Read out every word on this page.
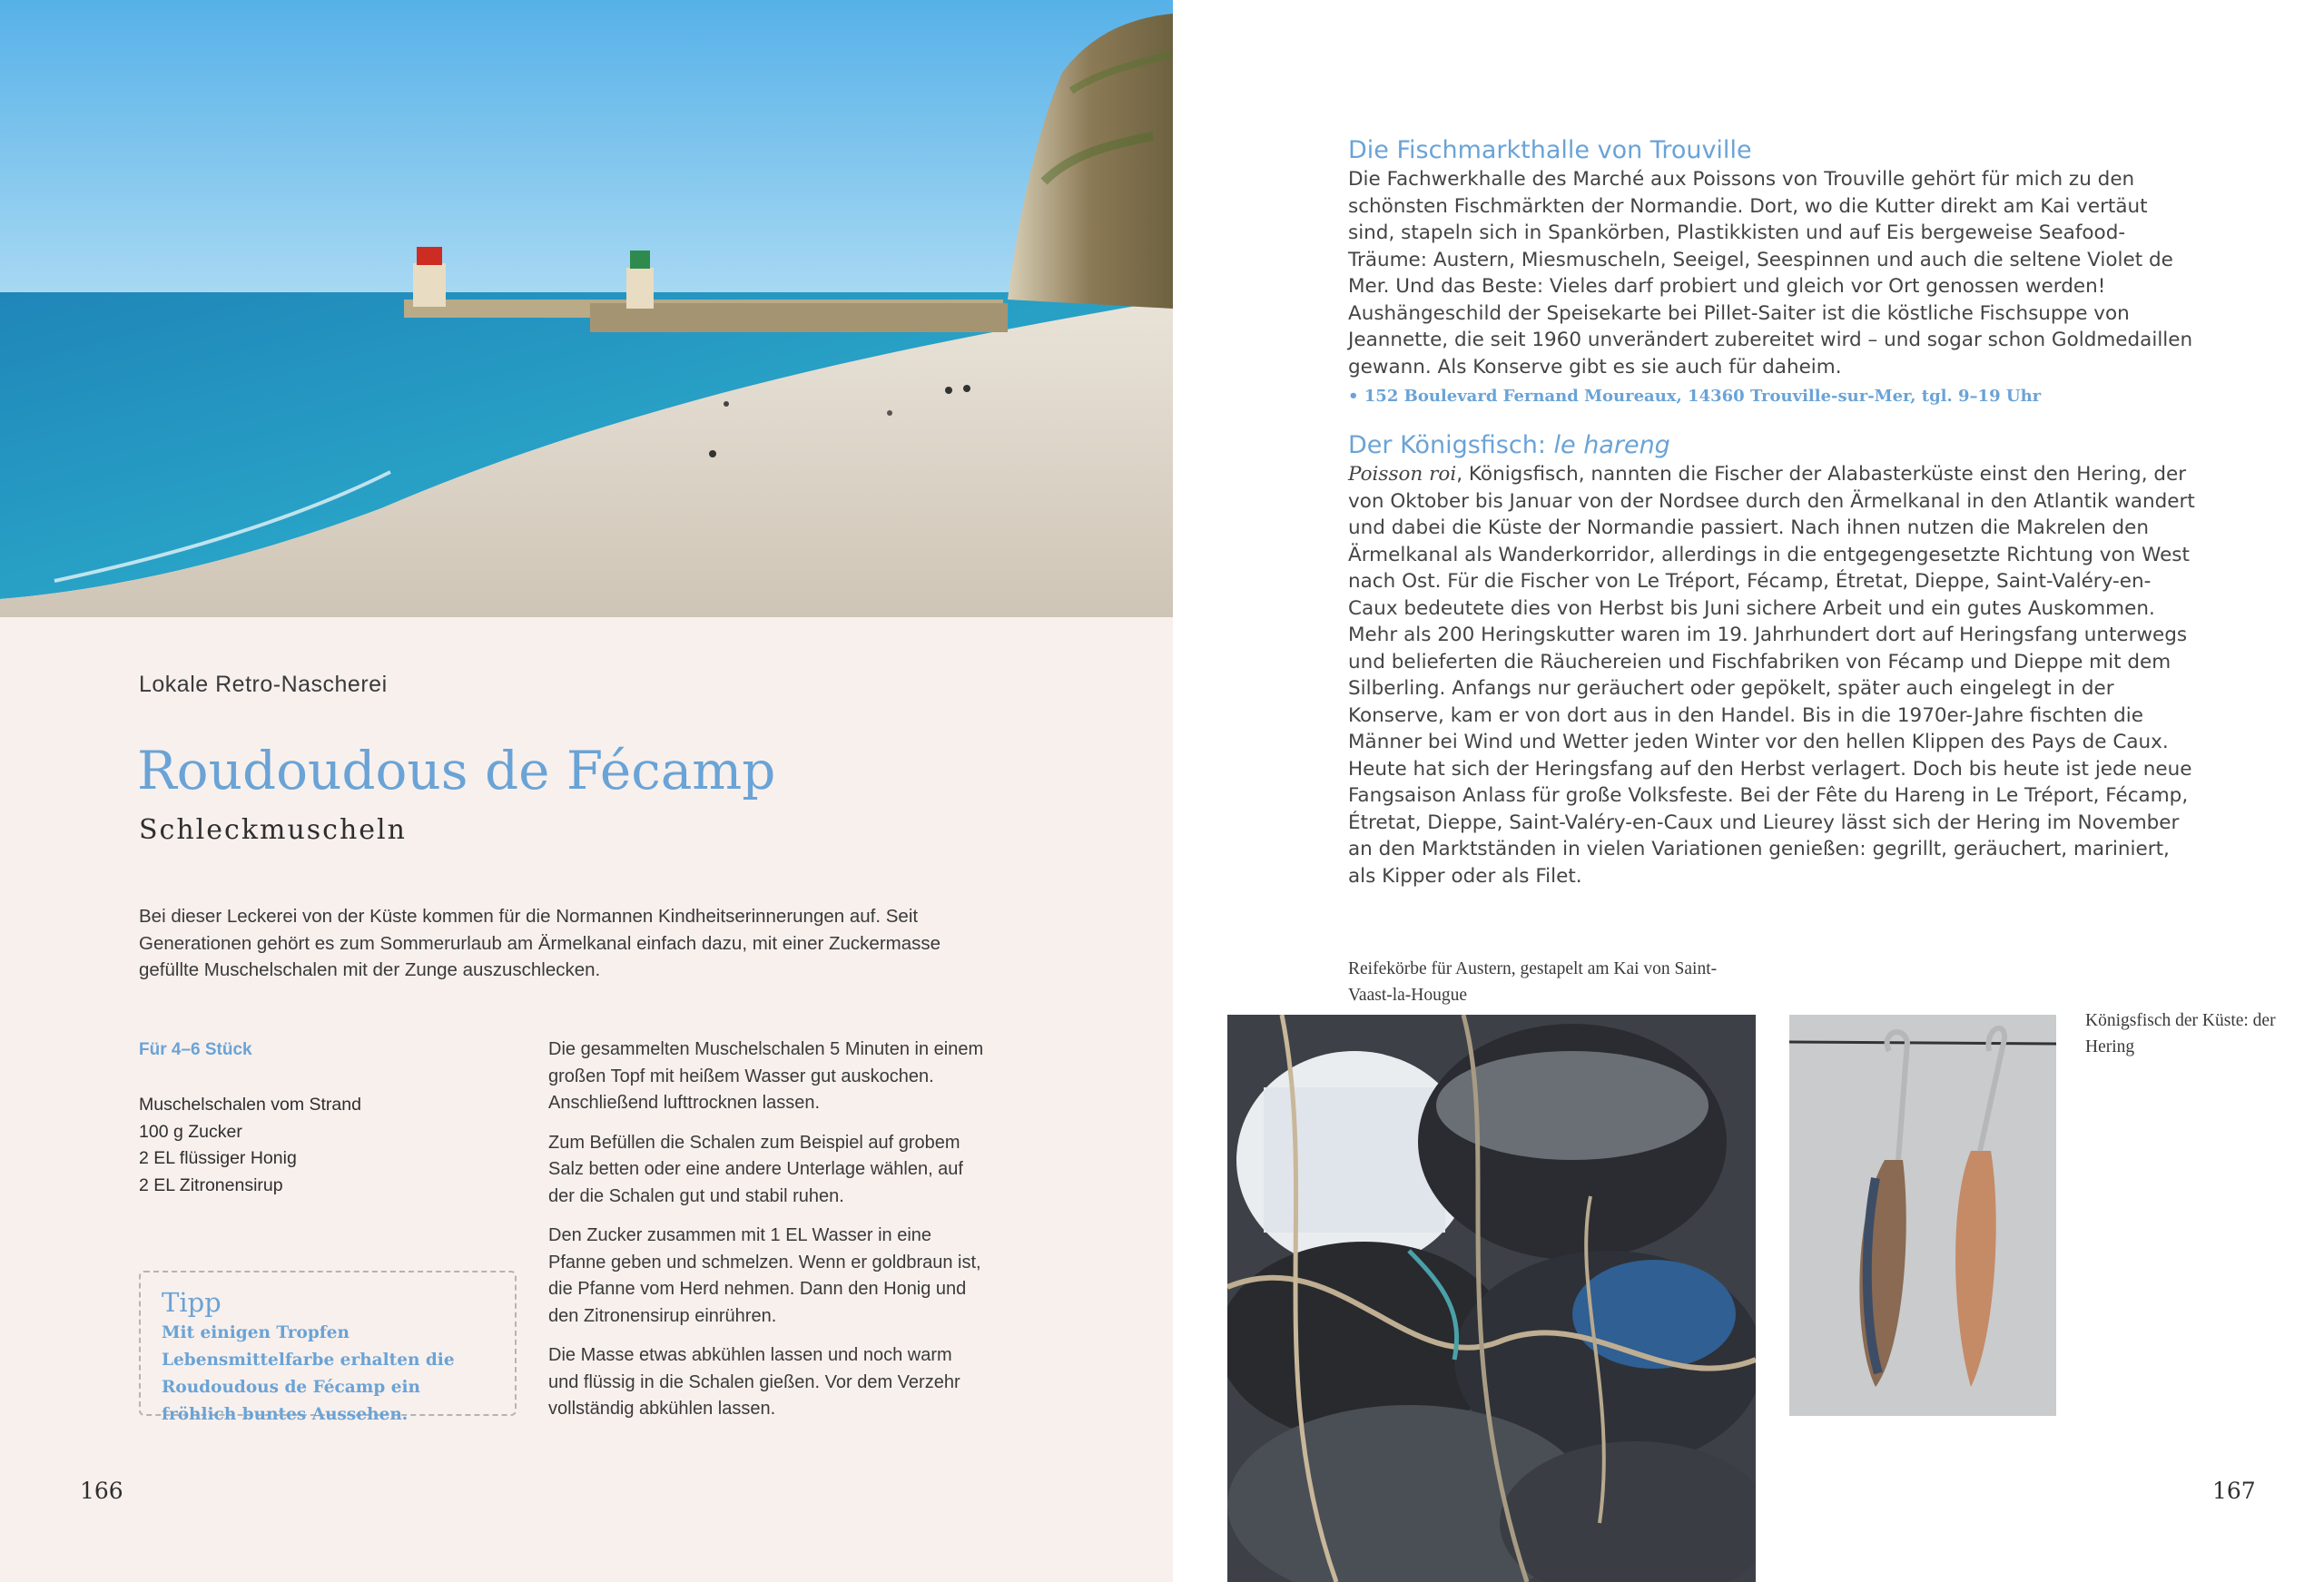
Lokale Retro-Nascherei
Roudoudous de Fécamp
Schleckmuscheln

Bei dieser Leckerei von der Küste kommen für die Normannen Kindheitserinnerungen auf. Seit Generationen gehört es zum Sommerurlaub am Ärmelkanal einfach dazu, mit einer Zuckermasse gefüllte Muschelschalen mit der Zunge auszuschlecken.

Für 4–6 Stück
Muschelschalen vom Strand
100 g Zucker
2 EL flüssiger Honig
2 EL Zitronensirup

Die gesammelten Muschelschalen 5 Minuten in einem großen Topf mit heißem Wasser gut auskochen. Anschließend lufttrocknen lassen.

Zum Befüllen die Schalen zum Beispiel auf grobem Salz betten oder eine andere Unterlage wählen, auf der die Schalen gut und stabil ruhen.

Den Zucker zusammen mit 1 EL Wasser in eine Pfanne geben und schmelzen. Wenn er goldbraun ist, die Pfanne vom Herd nehmen. Dann den Honig und den Zitronensirup einrühren.

Die Masse etwas abkühlen lassen und noch warm und flüssig in die Schalen gießen. Vor dem Verzehr vollständig abkühlen lassen.

Tipp

Mit einigen Tropfen Lebensmittelfarbe erhalten die Roudoudous de Fécamp ein fröhlich buntes Aussehen.

166
Die Fischmarkthalle von Trouville

Die Fachwerkhalle des Marché aux Poissons von Trouville gehört für mich zu den schönsten Fischmärkten der Normandie. Dort, wo die Kutter direkt am Kai vertäut sind, stapeln sich in Spankörben, Plastikkisten und auf Eis bergeweise Seafood-Träume: Austern, Miesmuscheln, Seeigel, Seespinnen und auch die seltene Violet de Mer. Und das Beste: Vieles darf probiert und gleich vor Ort genossen werden! Aushängeschild der Speisekarte bei Pillet-Saiter ist die köstliche Fischsuppe von Jeannette, die seit 1960 unverändert zubereitet wird – und sogar schon Goldmedaillen gewann. Als Konserve gibt es sie auch für daheim.

• 152 Boulevard Fernand Moureaux, 14360 Trouville-sur-Mer, tgl. 9–19 Uhr
Der Königsfisch: le hareng

Poisson roi, Königsfisch, nannten die Fischer der Alabasterküste einst den Hering, der von Oktober bis Januar von der Nordsee durch den Ärmelkanal in den Atlantik wandert und dabei die Küste der Normandie passiert. Nach ihnen nutzen die Makrelen den Ärmelkanal als Wanderkorridor, allerdings in die entgegengesetzte Richtung von West nach Ost. Für die Fischer von Le Tréport, Fécamp, Étretat, Dieppe, Saint-Valéry-en-Caux bedeutete dies von Herbst bis Juni sichere Arbeit und ein gutes Auskommen. Mehr als 200 Heringskutter waren im 19. Jahrhundert dort auf Heringsfang unterwegs und belieferten die Räuchereien und Fischfabriken von Fécamp und Dieppe mit dem Silberling. Anfangs nur geräuchert oder gepökelt, später auch eingelegt in der Konserve, kam er von dort aus in den Handel. Bis in die 1970er-Jahre fischten die Männer bei Wind und Wetter jeden Winter vor den hellen Klippen des Pays de Caux. Heute hat sich der Heringsfang auf den Herbst verlagert. Doch bis heute ist jede neue Fangsaison Anlass für große Volksfeste. Bei der Fête du Hareng in Le Tréport, Fécamp, Étretat, Dieppe, Saint-Valéry-en-Caux und Lieurey lässt sich der Hering im November an den Marktständen in vielen Variationen genießen: gegrillt, geräuchert, mariniert, als Kipper oder als Filet.

Reifekörbe für Austern, gestapelt am Kai von Saint-Vaast-la-Hougue

Königsfisch der Küste: der Hering

167
